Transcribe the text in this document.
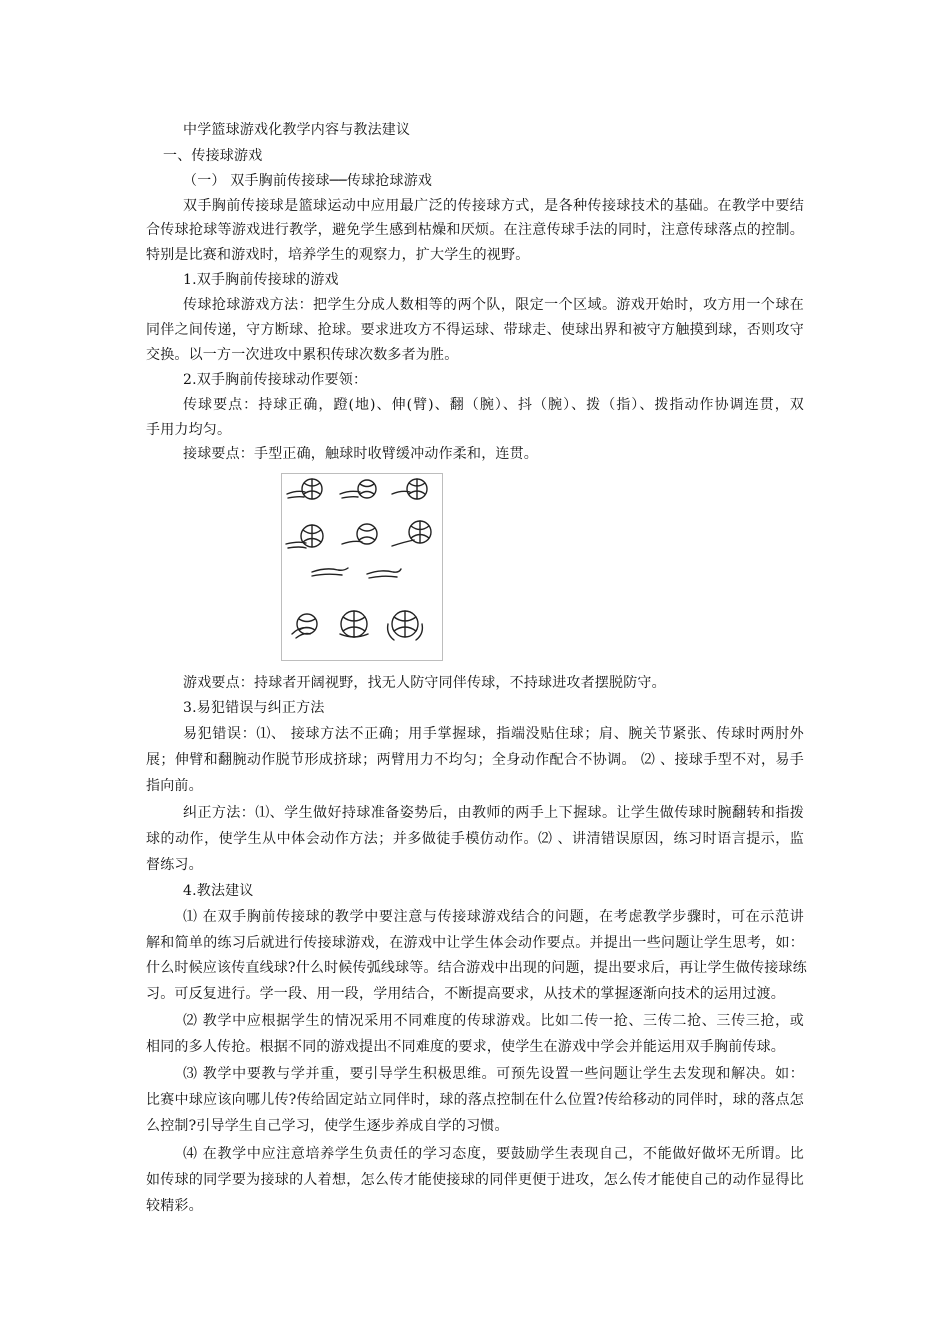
中学篮球游戏化教学内容与教法建议
一、传接球游戏
（一） 双手胸前传接球──传球抢球游戏
双手胸前传接球是篮球运动中应用最广泛的传接球方式，是各种传接球技术的基础。在教学中要结
合传球抢球等游戏进行教学，避免学生感到枯燥和厌烦。在注意传球手法的同时，注意传球落点的控制。
特别是比赛和游戏时，培养学生的观察力，扩大学生的视野。
1.双手胸前传接球的游戏
传球抢球游戏方法：把学生分成人数相等的两个队，限定一个区域。游戏开始时，攻方用一个球在
同伴之间传递，守方断球、抢球。要求进攻方不得运球、带球走、使球出界和被守方触摸到球，否则攻守
交换。以一方一次进攻中累积传球次数多者为胜。
2.双手胸前传接球动作要领：
传球要点：持球正确，蹬(地)、伸(臂)、翻（腕）、抖（腕）、拨（指）、拨指动作协调连贯，双
手用力均匀。
接球要点：手型正确，触球时收臂缓冲动作柔和，连贯。
游戏要点：持球者开阔视野，找无人防守同伴传球，不持球进攻者摆脱防守。
3.易犯错误与纠正方法
易犯错误：⑴、 接球方法不正确；用手掌握球，指端没贴住球；肩、腕关节紧张、传球时两肘外
展；伸臂和翻腕动作脱节形成挤球；两臂用力不均匀；全身动作配合不协调。 ⑵ 、接球手型不对，易手
指向前。
纠正方法：⑴、学生做好持球准备姿势后，由教师的两手上下握球。让学生做传球时腕翻转和指拨
球的动作，使学生从中体会动作方法；并多做徒手模仿动作。⑵ 、讲清错误原因，练习时语言提示，监
督练习。
4.教法建议
⑴ 在双手胸前传接球的教学中要注意与传接球游戏结合的问题，在考虑教学步骤时，可在示范讲
解和简单的练习后就进行传接球游戏，在游戏中让学生体会动作要点。并提出一些问题让学生思考，如：
什么时候应该传直线球?什么时候传弧线球等。结合游戏中出现的问题，提出要求后，再让学生做传接球练
习。可反复进行。学一段、用一段，学用结合，不断提高要求，从技术的掌握逐渐向技术的运用过渡。
⑵ 教学中应根据学生的情况采用不同难度的传球游戏。比如二传一抢、三传二抢、三传三抢，或
相同的多人传抢。根据不同的游戏提出不同难度的要求，使学生在游戏中学会并能运用双手胸前传球。
⑶ 教学中要教与学并重，要引导学生积极思维。可预先设置一些问题让学生去发现和解决。如：
比赛中球应该向哪儿传?传给固定站立同伴时，球的落点控制在什么位置?传给移动的同伴时，球的落点怎
么控制?引导学生自己学习，使学生逐步养成自学的习惯。
⑷ 在教学中应注意培养学生负责任的学习态度，要鼓励学生表现自己，不能做好做坏无所谓。比
如传球的同学要为接球的人着想，怎么传才能使接球的同伴更便于进攻，怎么传才能使自己的动作显得比
较精彩。
